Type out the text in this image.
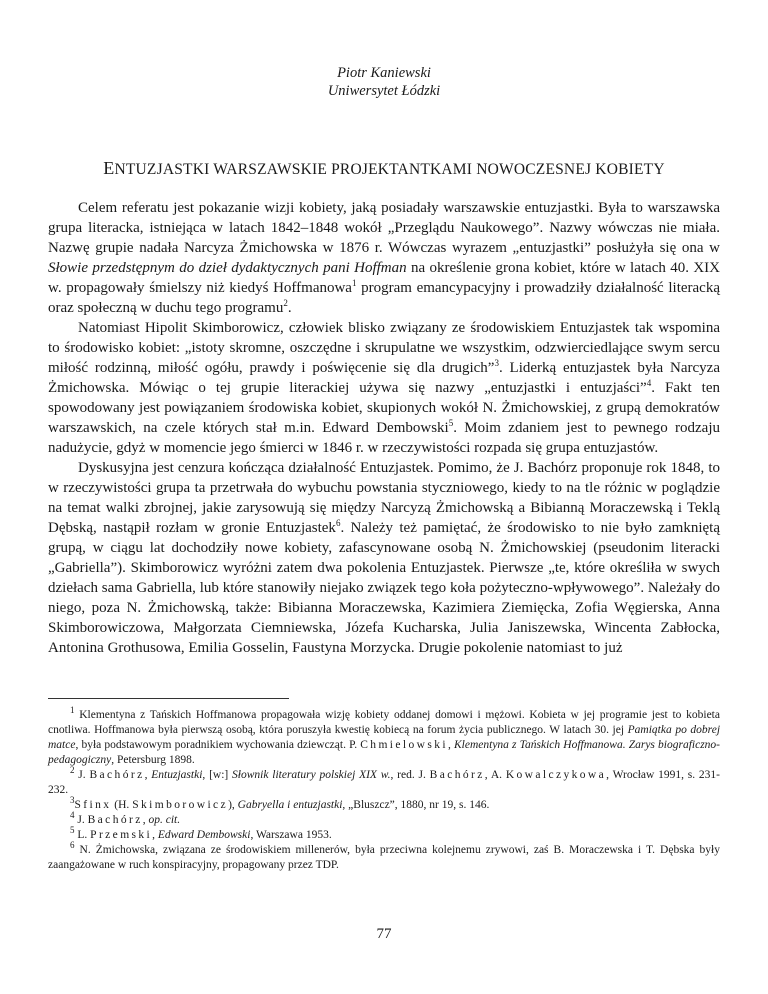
Piotr Kaniewski
Uniwersytet Łódzki
ENTUZJASTKI WARSZAWSKIE PROJEKTANTKAMI NOWOCZESNEJ KOBIETY

Celem referatu jest pokazanie wizji kobiety, jaką posiadały warszawskie entuzjastki. Była to warszawska grupa literacka, istniejąca w latach 1842–1848 wokół „Przeglądu Naukowego”. Nazwy wówczas nie miała. Nazwę grupie nadała Narcyza Żmichowska w 1876 r. Wówczas wyrazem „entuzjastki” posłużyła się ona w Słowie przedstępnym do dzieł dydaktycznych pani Hoffman na określenie grona kobiet, które w latach 40. XIX w. propagowały śmielszy niż kiedyś Hoffmanowa$^1$ program emancypacyjny i prowadziły działalność literacką oraz społeczną w duchu tego programu$^2$.

Natomiast Hipolit Skimborowicz, człowiek blisko związany ze środowiskiem Entuzjastek tak wspomina to środowisko kobiet: „istoty skromne, oszczędne i skrupulatne we wszystkim, odzwierciedlające swym sercu miłość rodzinną, miłość ogółu, prawdy i poświęcenie się dla drugich”$^3$. Liderką entuzjastek była Narcyza Żmichowska. Mówiąc o tej grupie literackiej używa się nazwy „entuzjastki i entuzjaści”$^4$. Fakt ten spowodowany jest powiązaniem środowiska kobiet, skupionych wokół N. Żmichowskiej, z grupą demokratów warszawskich, na czele których stał m.in. Edward Dembowski$^5$. Moim zdaniem jest to pewnego rodzaju nadużycie, gdyż w momencie jego śmierci w 1846 r. w rzeczywistości rozpada się grupa entuzjastów.

Dyskusyjna jest cenzura kończąca działalność Entuzjastek. Pomimo, że J. Bachórz proponuje rok 1848, to w rzeczywistości grupa ta przetrwała do wybuchu powstania styczniowego, kiedy to na tle różnic w poglądzie na temat walki zbrojnej, jakie zarysowują się między Narcyzą Żmichowską a Bibianną Moraczewską i Teklą Dębską, nastąpił rozłam w gronie Entuzjastek$^6$. Należy też pamiętać, że środowisko to nie było zamkniętą grupą, w ciągu lat dochodziły nowe kobiety, zafascynowane osobą N. Żmichowskiej (pseudonim literacki „Gabriella”). Skimborowicz wyróżni zatem dwa pokolenia Entuzjastek. Pierwsze „te, które określiła w swych dziełach sama Gabriella, lub które stanowiły niejako związek tego koła pożyteczno-wpływowego”. Należały do niego, poza N. Żmichowską, także: Bibianna Moraczewska, Kazimiera Ziemięcka, Zofia Węgierska, Anna Skimborowiczowa, Małgorzata Ciemniewska, Józefa Kucharska, Julia Janiszewska, Wincenta Zabłocka, Antonina Grothusowa, Emilia Gosselin, Faustyna Morzycka. Drugie pokolenie natomiast to już

$^1$ Klementyna z Tańskich Hoffmanowa propagowała wizję kobiety oddanej domowi i mężowi. Kobieta w jej programie jest to kobieta cnotliwa. Hoffmanowa była pierwszą osobą, która poruszyła kwestię kobiecą na forum życia publicznego. W latach 30. jej Pamiątka po dobrej matce, była podstawowym poradnikiem wychowania dziewcząt. P. Chmielowski, Klementyna z Tańskich Hoffmanowa. Zarys biograficzno-pedagogiczny, Petersburg 1898.

$^2$ J. Bachórz, Entuzjastki, [w:] Słownik literatury polskiej XIX w., red. J. Bachórz, A. Kowalczykowa, Wrocław 1991, s. 231-232.

$^3$Sfinx (H. Skimborowicz), Gabryella i entuzjastki, „Bluszcz”, 1880, nr 19, s. 146.

$^4$ J. Bachórz, op. cit.

$^5$ L. Przemski, Edward Dembowski, Warszawa 1953.

$^6$ N. Żmichowska, związana ze środowiskiem millenerów, była przeciwna kolejnemu zrywowi, zaś B. Moraczewska i T. Dębska były zaangażowane w ruch konspiracyjny, propagowany przez TDP.

77
